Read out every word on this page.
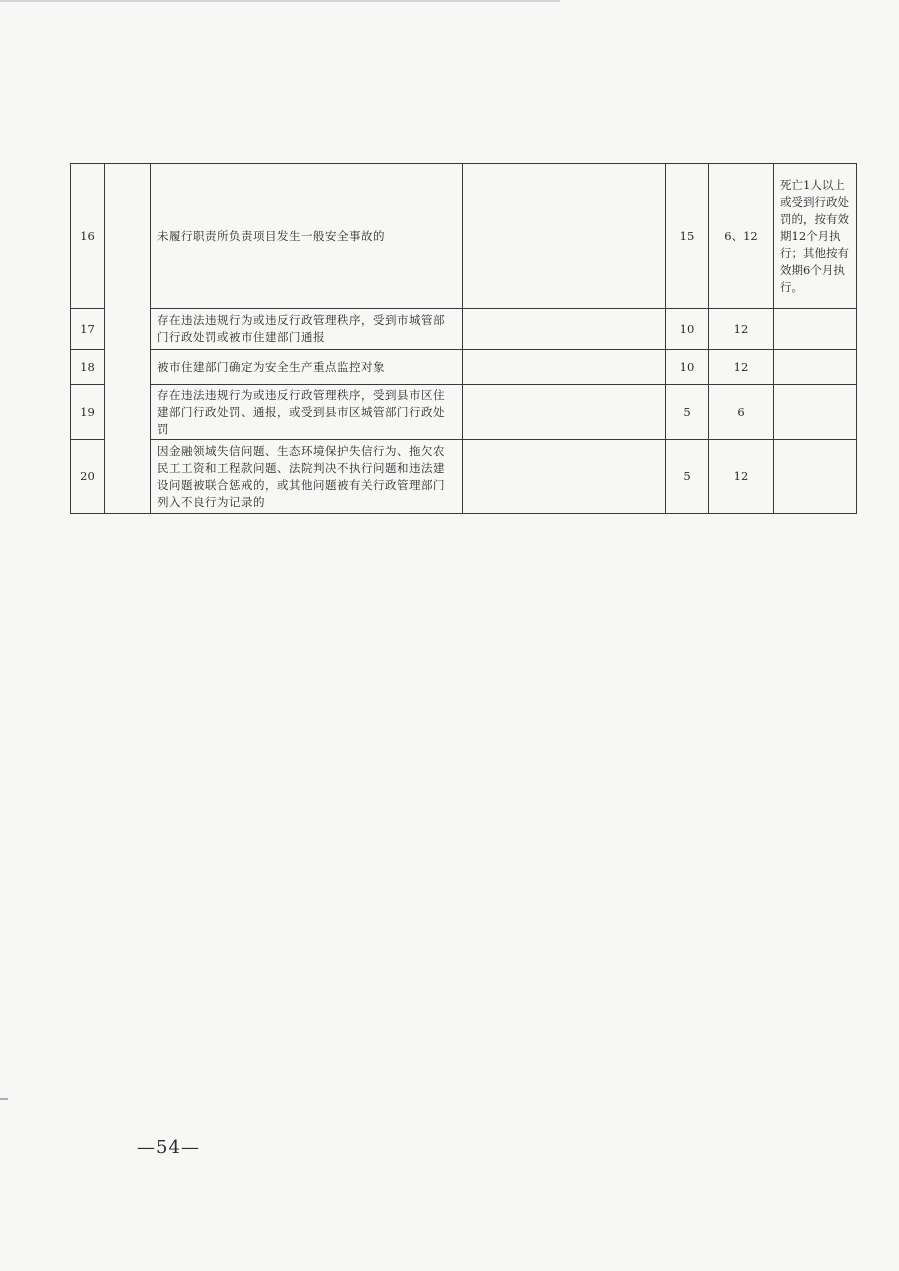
16		未履行职责所负责项目发生一般安全事故的		15	6、12	死亡1人以上或受到行政处罚的，按有效期12个月执行；其他按有效期6个月执行。
17		存在违法违规行为或违反行政管理秩序，受到市城管部门行政处罚或被市住建部门通报		10	12	
18		被市住建部门确定为安全生产重点监控对象		10	12	
19		存在违法违规行为或违反行政管理秩序，受到县市区住建部门行政处罚、通报，或受到县市区城管部门行政处罚		5	6	
20		因金融领域失信问题、生态环境保护失信行为、拖欠农民工工资和工程款问题、法院判决不执行问题和违法建设问题被联合惩戒的，或其他问题被有关行政管理部门列入不良行为记录的		5	12	
—54—
